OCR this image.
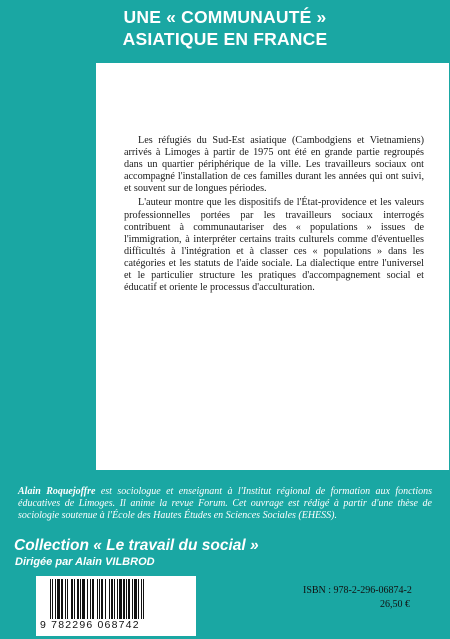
UNE « COMMUNAUTÉ »
ASIATIQUE EN FRANCE

Les réfugiés du Sud-Est asiatique (Cambodgiens et Vietnamiens) arrivés à Limoges à partir de 1975 ont été en grande partie regroupés dans un quartier périphérique de la ville. Les travailleurs sociaux ont accompagné l'installation de ces familles durant les années qui ont suivi, et souvent sur de longues périodes.

L'auteur montre que les dispositifs de l'État-providence et les valeurs professionnelles portées par les travailleurs sociaux interrogés contribuent à communautariser des « populations » issues de l'immigration, à interpréter certains traits culturels comme d'éventuelles difficultés à l'intégration et à classer ces « populations » dans les catégories et les statuts de l'aide sociale. La dialectique entre l'universel et le particulier structure les pratiques d'accompagnement social et éducatif et oriente le processus d'acculturation.

Alain Roquejoffre est sociologue et enseignant à l'Institut régional de formation aux fonctions éducatives de Limoges. Il anime la revue Forum. Cet ouvrage est rédigé à partir d'une thèse de sociologie soutenue à l'École des Hautes Études en Sciences Sociales (EHESS).
Collection « Le travail du social »
Dirigée par Alain VILBROD
9 782296 068742
ISBN : 978-2-296-06874-2
26,50 €
